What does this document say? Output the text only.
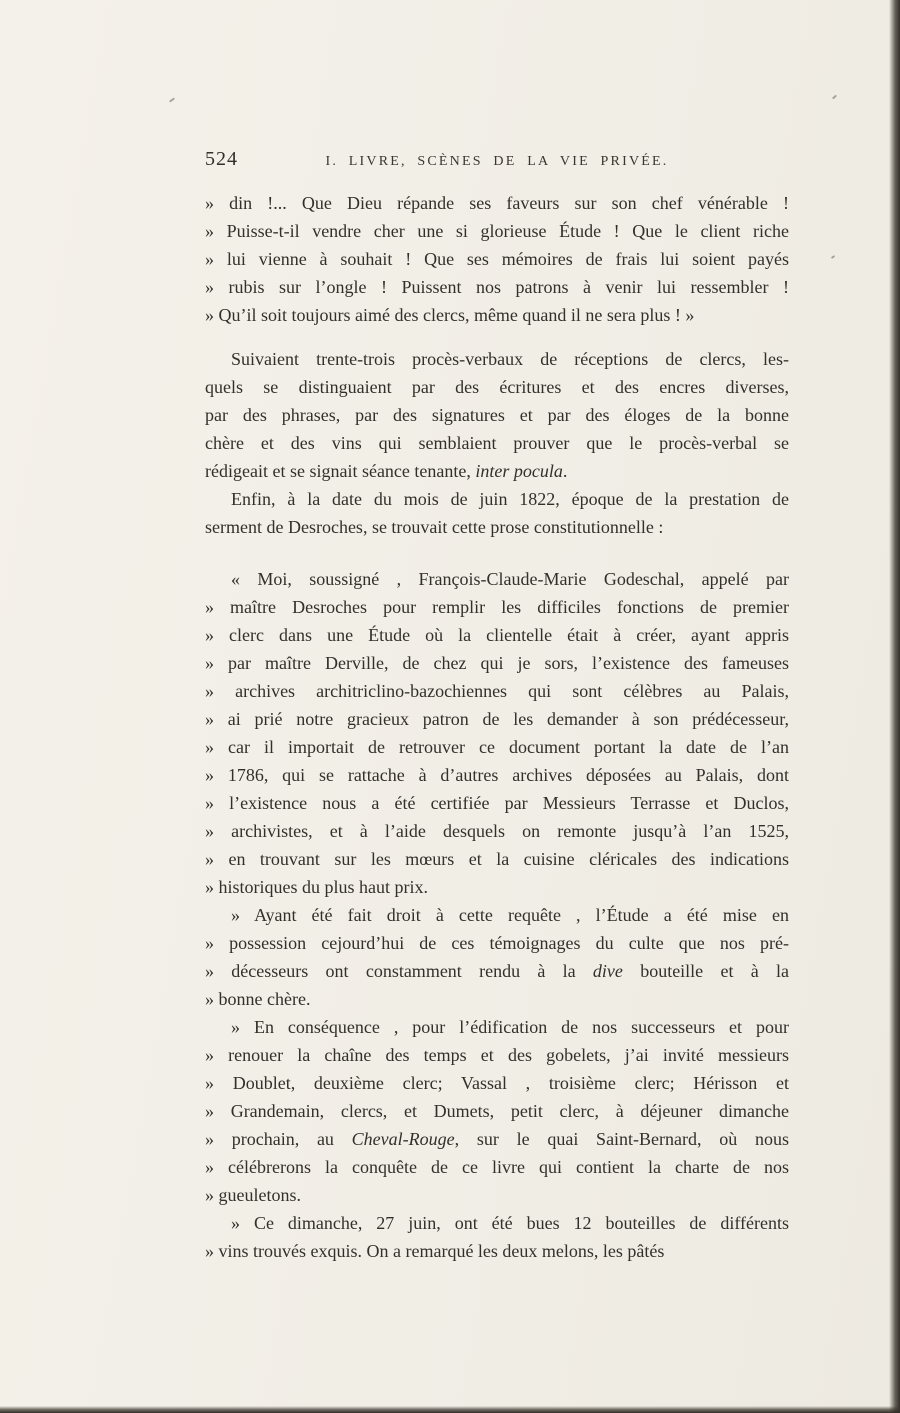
524	I. LIVRE, SCÈNES DE LA VIE PRIVÉE.
» din !... Que Dieu répande ses faveurs sur son chef vénérable !
» Puisse-t-il vendre cher une si glorieuse Étude ! Que le client riche
» lui vienne à souhait ! Que ses mémoires de frais lui soient payés
» rubis sur l’ongle ! Puissent nos patrons à venir lui ressembler !
» Qu’il soit toujours aimé des clercs, même quand il ne sera plus ! »
Suivaient trente-trois procès-verbaux de réceptions de clercs, les-
quels se distinguaient par des écritures et des encres diverses,
par des phrases, par des signatures et par des éloges de la bonne
chère et des vins qui semblaient prouver que le procès-verbal se
rédigeait et se signait séance tenante, inter pocula.
Enfin, à la date du mois de juin 1822, époque de la prestation de
serment de Desroches, se trouvait cette prose constitutionnelle :
« Moi, soussigné , François-Claude-Marie Godeschal, appelé par
» maître Desroches pour remplir les difficiles fonctions de premier
» clerc dans une Étude où la clientelle était à créer, ayant appris
» par maître Derville, de chez qui je sors, l’existence des fameuses
» archives architriclino-bazochiennes qui sont célèbres au Palais,
» ai prié notre gracieux patron de les demander à son prédécesseur,
» car il importait de retrouver ce document portant la date de l’an
» 1786, qui se rattache à d’autres archives déposées au Palais, dont
» l’existence nous a été certifiée par Messieurs Terrasse et Duclos,
» archivistes, et à l’aide desquels on remonte jusqu’à l’an 1525,
» en trouvant sur les mœurs et la cuisine cléricales des indications
» historiques du plus haut prix.
» Ayant été fait droit à cette requête , l’Étude a été mise en
» possession cejourd’hui de ces témoignages du culte que nos pré-
» décesseurs ont constamment rendu à la dive bouteille et à la
» bonne chère.
» En conséquence , pour l’édification de nos successeurs et pour
» renouer la chaîne des temps et des gobelets, j’ai invité messieurs
» Doublet, deuxième clerc; Vassal , troisième clerc; Hérisson et
» Grandemain, clercs, et Dumets, petit clerc, à déjeuner dimanche
» prochain, au Cheval-Rouge, sur le quai Saint-Bernard, où nous
» célébrerons la conquête de ce livre qui contient la charte de nos
» gueuletons.
» Ce dimanche, 27 juin, ont été bues 12 bouteilles de différents
» vins trouvés exquis. On a remarqué les deux melons, les pâtés
